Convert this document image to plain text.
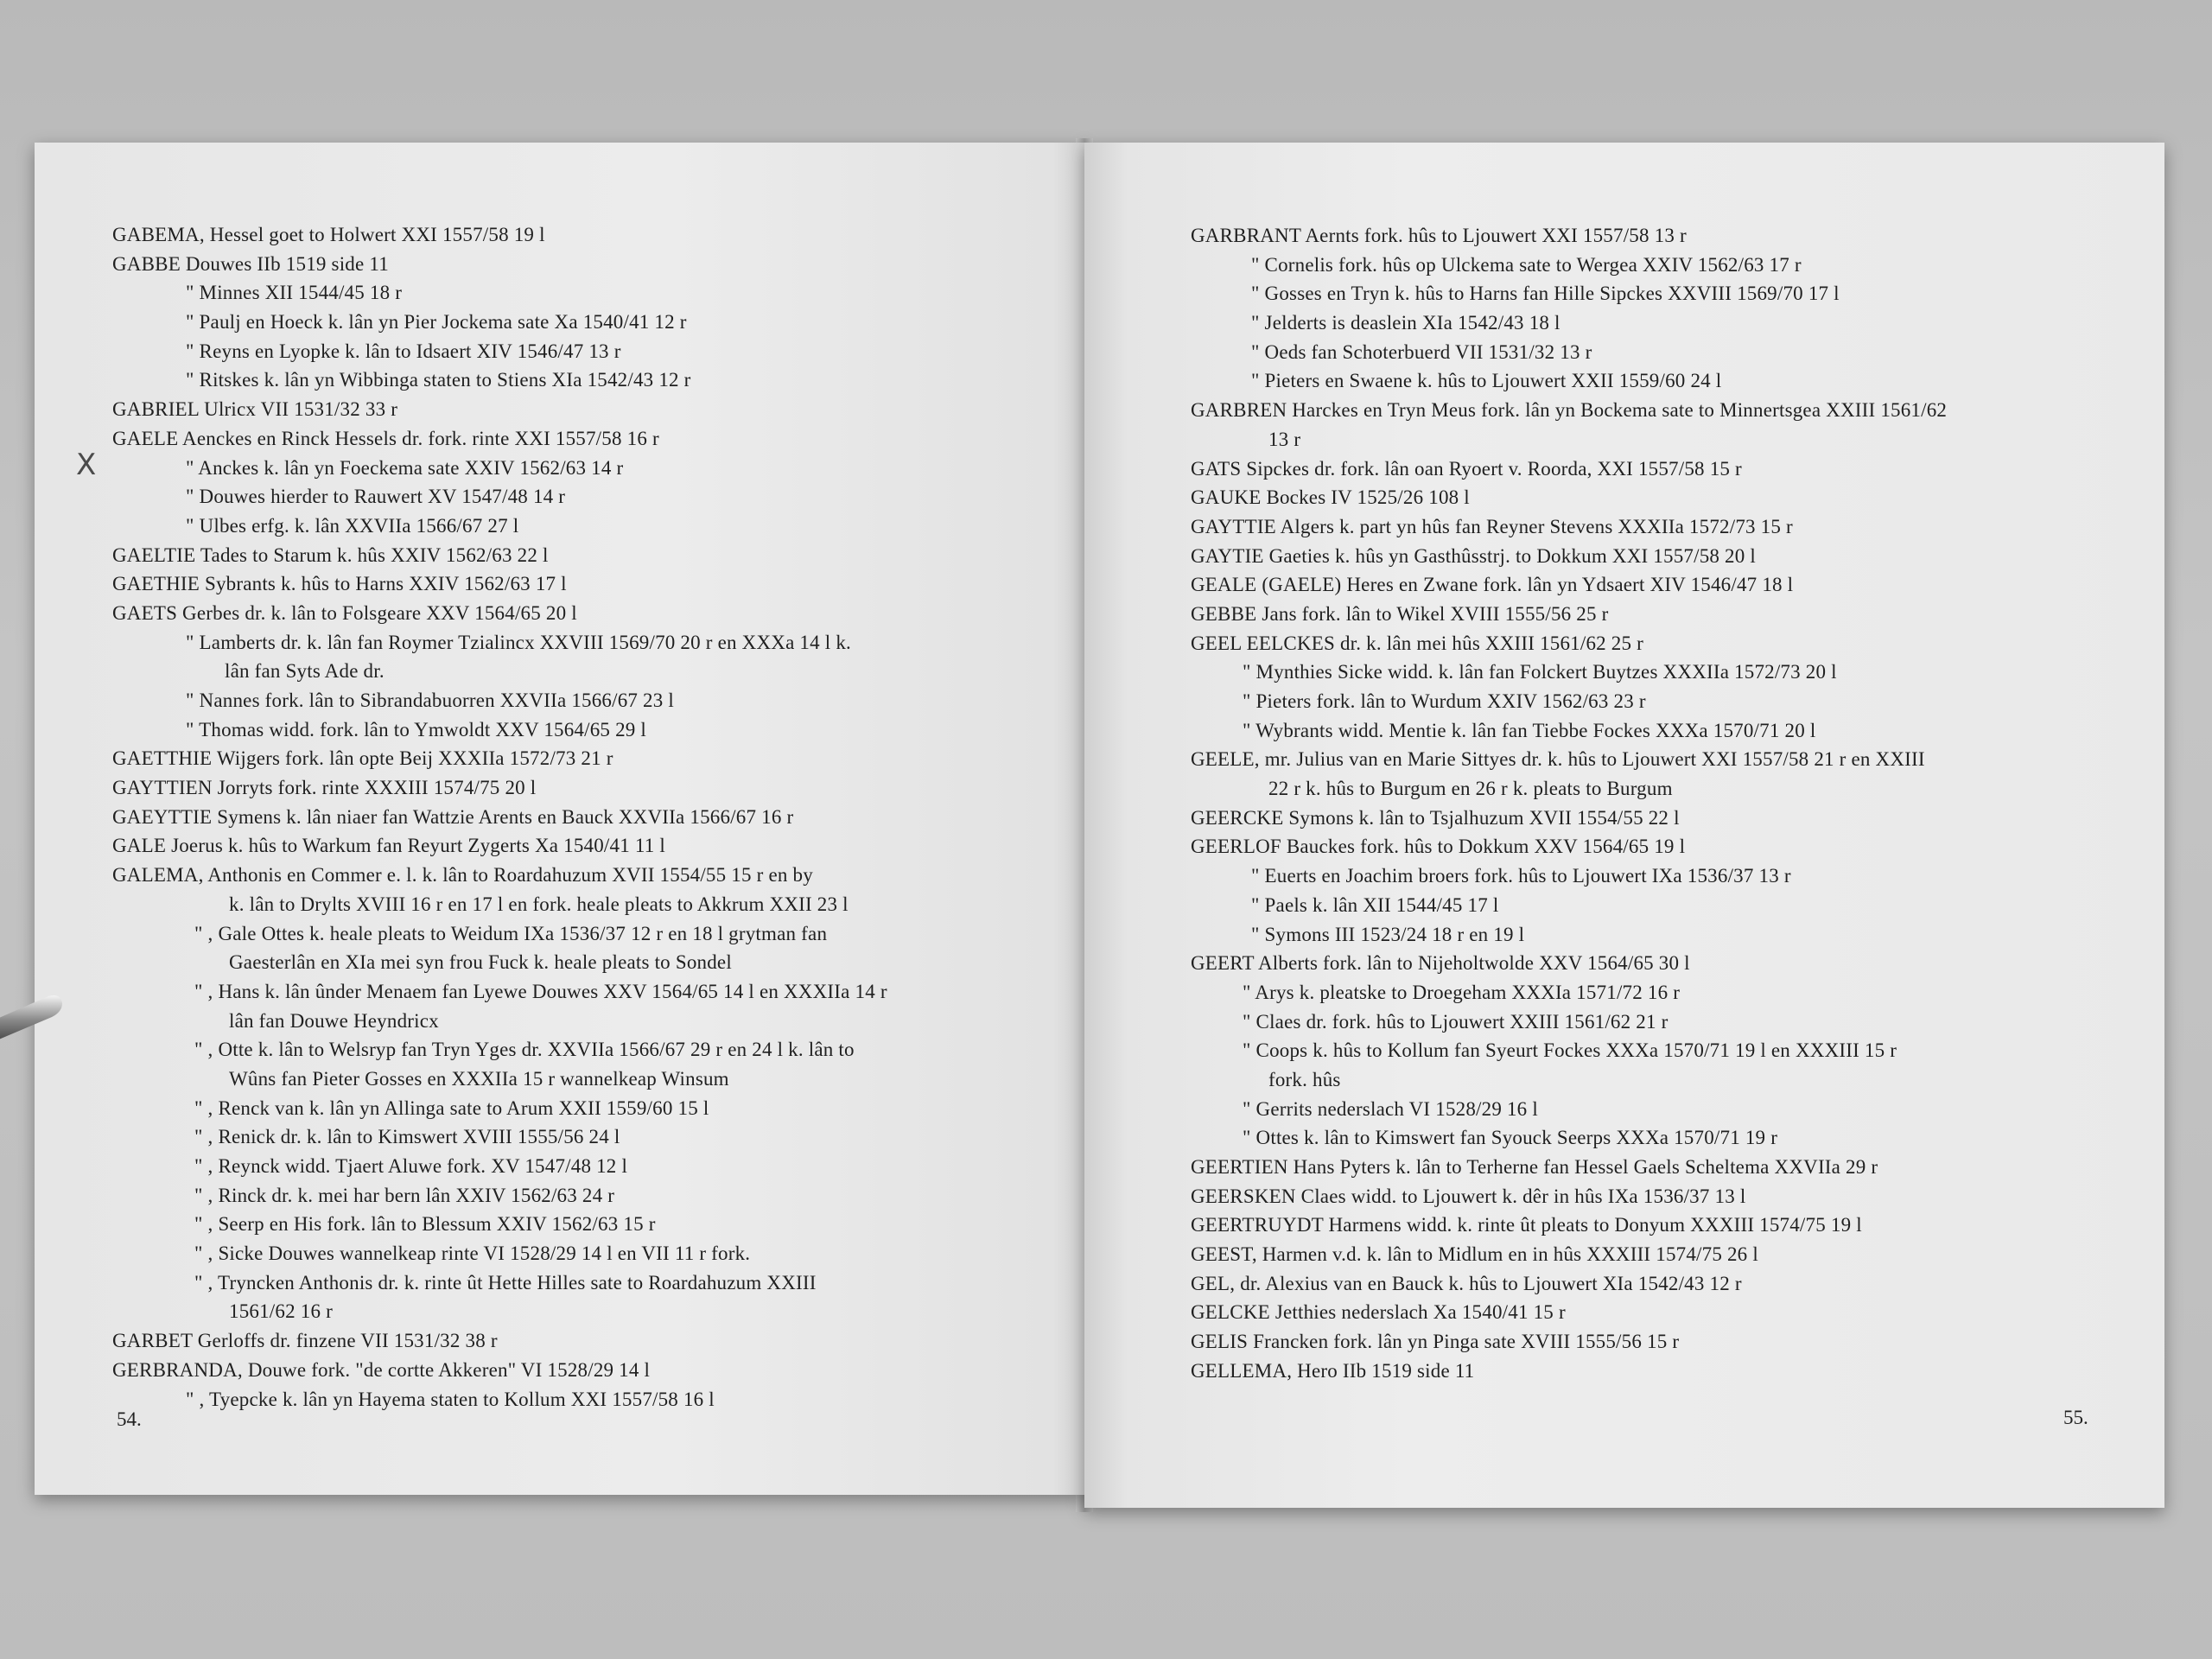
X
GABEMA, Hessel goet to Holwert XXI 1557/58 19 l
GABBE Douwes IIb 1519 side 11
" Minnes XII 1544/45 18 r
" Paulj en Hoeck k. lân yn Pier Jockema sate Xa 1540/41 12 r
" Reyns en Lyopke k. lân to Idsaert XIV 1546/47 13 r
" Ritskes k. lân yn Wibbinga staten to Stiens XIa 1542/43 12 r
GABRIEL Ulricx VII 1531/32 33 r
GAELE Aenckes en Rinck Hessels dr. fork. rinte XXI 1557/58 16 r
" Anckes k. lân yn Foeckema sate XXIV 1562/63 14 r
" Douwes hierder to Rauwert XV 1547/48 14 r
" Ulbes erfg. k. lân XXVIIa 1566/67 27 l
GAELTIE Tades to Starum k. hûs XXIV 1562/63 22 l
GAETHIE Sybrants k. hûs to Harns XXIV 1562/63 17 l
GAETS Gerbes dr. k. lân to Folsgeare XXV 1564/65 20 l
" Lamberts dr. k. lân fan Roymer Tzialincx XXVIII 1569/70 20 r en XXXa 14 l k.
lân fan Syts Ade dr.
" Nannes fork. lân to Sibrandabuorren XXVIIa 1566/67 23 l
" Thomas widd. fork. lân to Ymwoldt XXV 1564/65 29 l
GAETTHIE Wijgers fork. lân opte Beij XXXIIa 1572/73 21 r
GAYTTIEN Jorryts fork. rinte XXXIII 1574/75 20 l
GAEYTTIE Symens k. lân niaer fan Wattzie Arents en Bauck XXVIIa 1566/67 16 r
GALE Joerus k. hûs to Warkum fan Reyurt Zygerts Xa 1540/41 11 l
GALEMA, Anthonis en Commer e. l. k. lân to Roardahuzum XVII 1554/55 15 r en by
k. lân to Drylts XVIII 16 r en 17 l en fork. heale pleats to Akkrum XXII 23 l
" , Gale Ottes k. heale pleats to Weidum IXa 1536/37 12 r en 18 l grytman fan
Gaesterlân en XIa mei syn frou Fuck k. heale pleats to Sondel
" , Hans k. lân ûnder Menaem fan Lyewe Douwes XXV 1564/65 14 l en XXXIIa 14 r
lân fan Douwe Heyndricx
" , Otte k. lân to Welsryp fan Tryn Yges dr. XXVIIa 1566/67 29 r en 24 l k. lân to
Wûns fan Pieter Gosses en XXXIIa 15 r wannelkeap Winsum
" , Renck van k. lân yn Allinga sate to Arum XXII 1559/60 15 l
" , Renick dr. k. lân to Kimswert XVIII 1555/56 24 l
" , Reynck widd. Tjaert Aluwe fork. XV 1547/48 12 l
" , Rinck dr. k. mei har bern lân XXIV 1562/63 24 r
" , Seerp en His fork. lân to Blessum XXIV 1562/63 15 r
" , Sicke Douwes wannelkeap rinte VI 1528/29 14 l en VII 11 r fork.
" , Tryncken Anthonis dr. k. rinte ût Hette Hilles sate to Roardahuzum XXIII
1561/62 16 r
GARBET Gerloffs dr. finzene VII 1531/32 38 r
GERBRANDA, Douwe fork. "de cortte Akkeren" VI 1528/29 14 l
" , Tyepcke k. lân yn Hayema staten to Kollum XXI 1557/58 16 l
GARBRANT Aernts fork. hûs to Ljouwert XXI 1557/58 13 r
" Cornelis fork. hûs op Ulckema sate to Wergea XXIV 1562/63 17 r
" Gosses en Tryn k. hûs to Harns fan Hille Sipckes XXVIII 1569/70 17 l
" Jelderts is deaslein XIa 1542/43 18 l
" Oeds fan Schoterbuerd VII 1531/32 13 r
" Pieters en Swaene k. hûs to Ljouwert XXII 1559/60 24 l
GARBREN Harckes en Tryn Meus fork. lân yn Bockema sate to Minnertsgea XXIII 1561/62
13 r
GATS Sipckes dr. fork. lân oan Ryoert v. Roorda, XXI 1557/58 15 r
GAUKE Bockes IV 1525/26 108 l
GAYTTIE Algers k. part yn hûs fan Reyner Stevens XXXIIa 1572/73 15 r
GAYTIE Gaeties k. hûs yn Gasthûsstrj. to Dokkum XXI 1557/58 20 l
GEALE (GAELE) Heres en Zwane fork. lân yn Ydsaert XIV 1546/47 18 l
GEBBE Jans fork. lân to Wikel XVIII 1555/56 25 r
GEEL EELCKES dr. k. lân mei hûs XXIII 1561/62 25 r
" Mynthies Sicke widd. k. lân fan Folckert Buytzes XXXIIa 1572/73 20 l
" Pieters fork. lân to Wurdum XXIV 1562/63 23 r
" Wybrants widd. Mentie k. lân fan Tiebbe Fockes XXXa 1570/71 20 l
GEELE, mr. Julius van en Marie Sittyes dr. k. hûs to Ljouwert XXI 1557/58 21 r en XXIII
22 r k. hûs to Burgum en 26 r k. pleats to Burgum
GEERCKE Symons k. lân to Tsjalhuzum XVII 1554/55 22 l
GEERLOF Bauckes fork. hûs to Dokkum XXV 1564/65 19 l
" Euerts en Joachim broers fork. hûs to Ljouwert IXa 1536/37 13 r
" Paels k. lân XII 1544/45 17 l
" Symons III 1523/24 18 r en 19 l
GEERT Alberts fork. lân to Nijeholtwolde XXV 1564/65 30 l
" Arys k. pleatske to Droegeham XXXIa 1571/72 16 r
" Claes dr. fork. hûs to Ljouwert XXIII 1561/62 21 r
" Coops k. hûs to Kollum fan Syeurt Fockes XXXa 1570/71 19 l en XXXIII 15 r
fork. hûs
" Gerrits nederslach VI 1528/29 16 l
" Ottes k. lân to Kimswert fan Syouck Seerps XXXa 1570/71 19 r
GEERTIEN Hans Pyters k. lân to Terherne fan Hessel Gaels Scheltema XXVIIa 29 r
GEERSKEN Claes widd. to Ljouwert k. dêr in hûs IXa 1536/37 13 l
GEERTRUYDT Harmens widd. k. rinte ût pleats to Donyum XXXIII 1574/75 19 l
GEEST, Harmen v.d. k. lân to Midlum en in hûs XXXIII 1574/75 26 l
GEL, dr. Alexius van en Bauck k. hûs to Ljouwert XIa 1542/43 12 r
GELCKE Jetthies nederslach Xa 1540/41 15 r
GELIS Francken fork. lân yn Pinga sate XVIII 1555/56 15 r
GELLEMA, Hero IIb 1519 side 11
54.	55.
